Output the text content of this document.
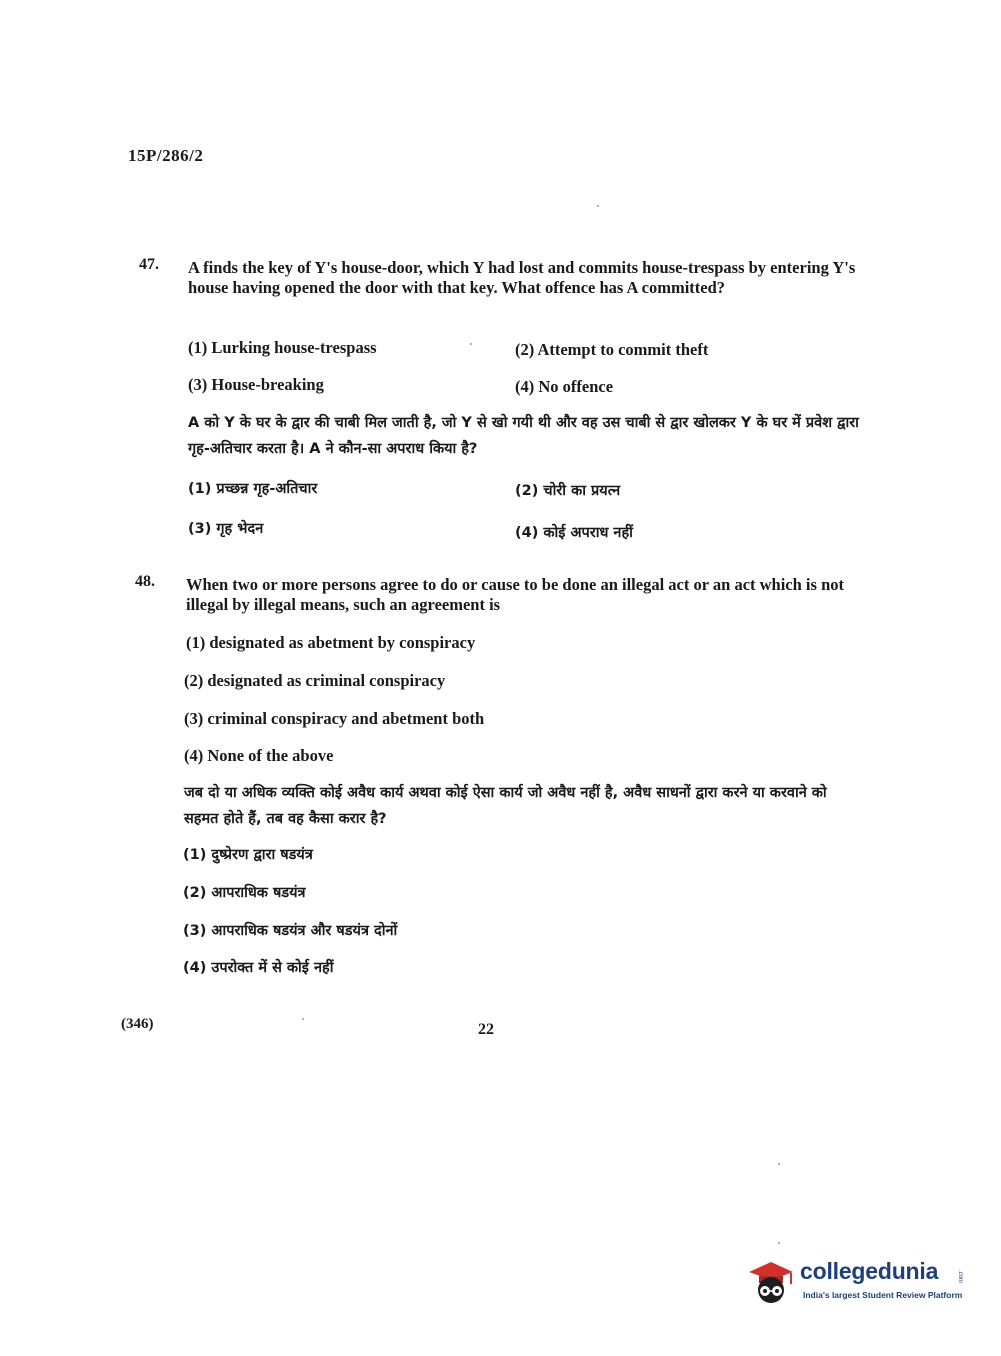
15P/286/2
47. A finds the key of Y's house-door, which Y had lost and commits house-trespass by entering Y's house having opened the door with that key. What offence has A committed?
(1) Lurking house-trespass	(2) Attempt to commit theft
(3) House-breaking	(4) No offence
A को Y के घर के द्वार की चाबी मिल जाती है, जो Y से खो गयी थी और वह उस चाबी से द्वार खोलकर Y के घर में प्रवेश द्वारा गृह-अतिचार करता है। A ने कौन-सा अपराध किया है?
(1) प्रच्छन्न गृह-अतिचार	(2) चोरी का प्रयत्न
(3) गृह भेदन	(4) कोई अपराध नहीं
48. When two or more persons agree to do or cause to be done an illegal act or an act which is not illegal by illegal means, such an agreement is
(1) designated as abetment by conspiracy
(2) designated as criminal conspiracy
(3) criminal conspiracy and abetment both
(4) None of the above
जब दो या अधिक व्यक्ति कोई अवैध कार्य अथवा कोई ऐसा कार्य जो अवैध नहीं है, अवैध साधनों द्वारा करने या करवाने को सहमत होते हैं, तब वह कैसा करार है?
(1) दुष्प्रेरण द्वारा षडयंत्र
(2) आपराधिक षडयंत्र
(3) आपराधिक षडयंत्र और षडयंत्र दोनों
(4) उपरोक्त में से कोई नहीं
(346)	22
collegedunia	.com
India's largest Student Review Platform
